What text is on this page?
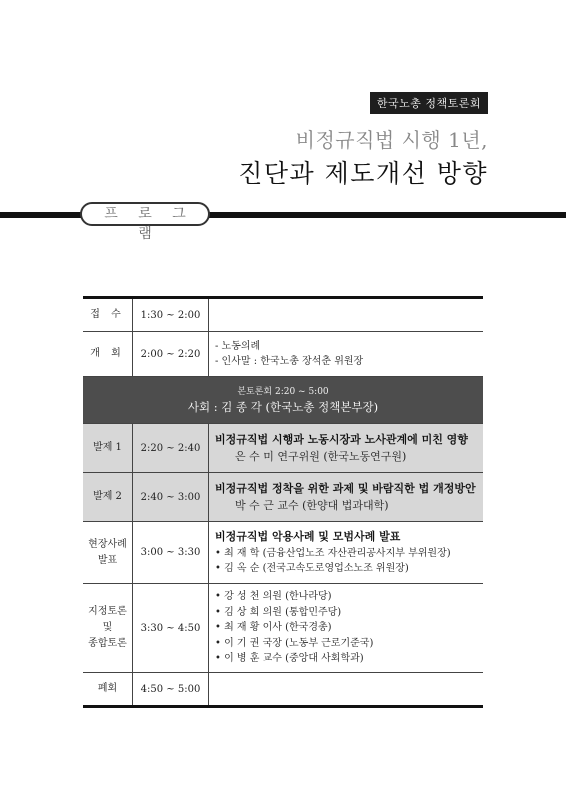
한국노총 정책토론회
비정규직법 시행 1년,
진단과 제도개선 방향
프 로 그 램
접 수	1:30 ~ 2:00	
개 회	2:00 ~ 2:20	- 노동의례
- 인사말 : 한국노총 장석춘 위원장

본토론회 2:20 ~ 5:00
사회 : 김 종 각 (한국노총 정책본부장)		
발제 1	2:20 ~ 2:40	비정규직법 시행과 노동시장과 노사관계에 미친 영향
은 수 미 연구위원 (한국노동연구원)

발제 2	2:40 ~ 3:00	비정규직법 정착을 위한 과제 및 바람직한 법 개정방안
박 수 근 교수 (한양대 법과대학)

현장사례
발표	3:00 ~ 3:30	비정규직법 악용사례 및 모범사례 발표
• 최 재 학 (금융산업노조 자산관리공사지부 부위원장)
• 김 옥 순 (전국고속도로영업소노조 위원장)

지정토론
및
종합토론	3:30 ~ 4:50	• 강 성 천 의원 (한나라당)
• 김 상 희 의원 (통합민주당)
• 최 재 황 이사 (한국경총)
• 이 기 권 국장 (노동부 근로기준국)
• 이 병 훈 교수 (중앙대 사회학과)

폐회	4:50 ~ 5:00	
